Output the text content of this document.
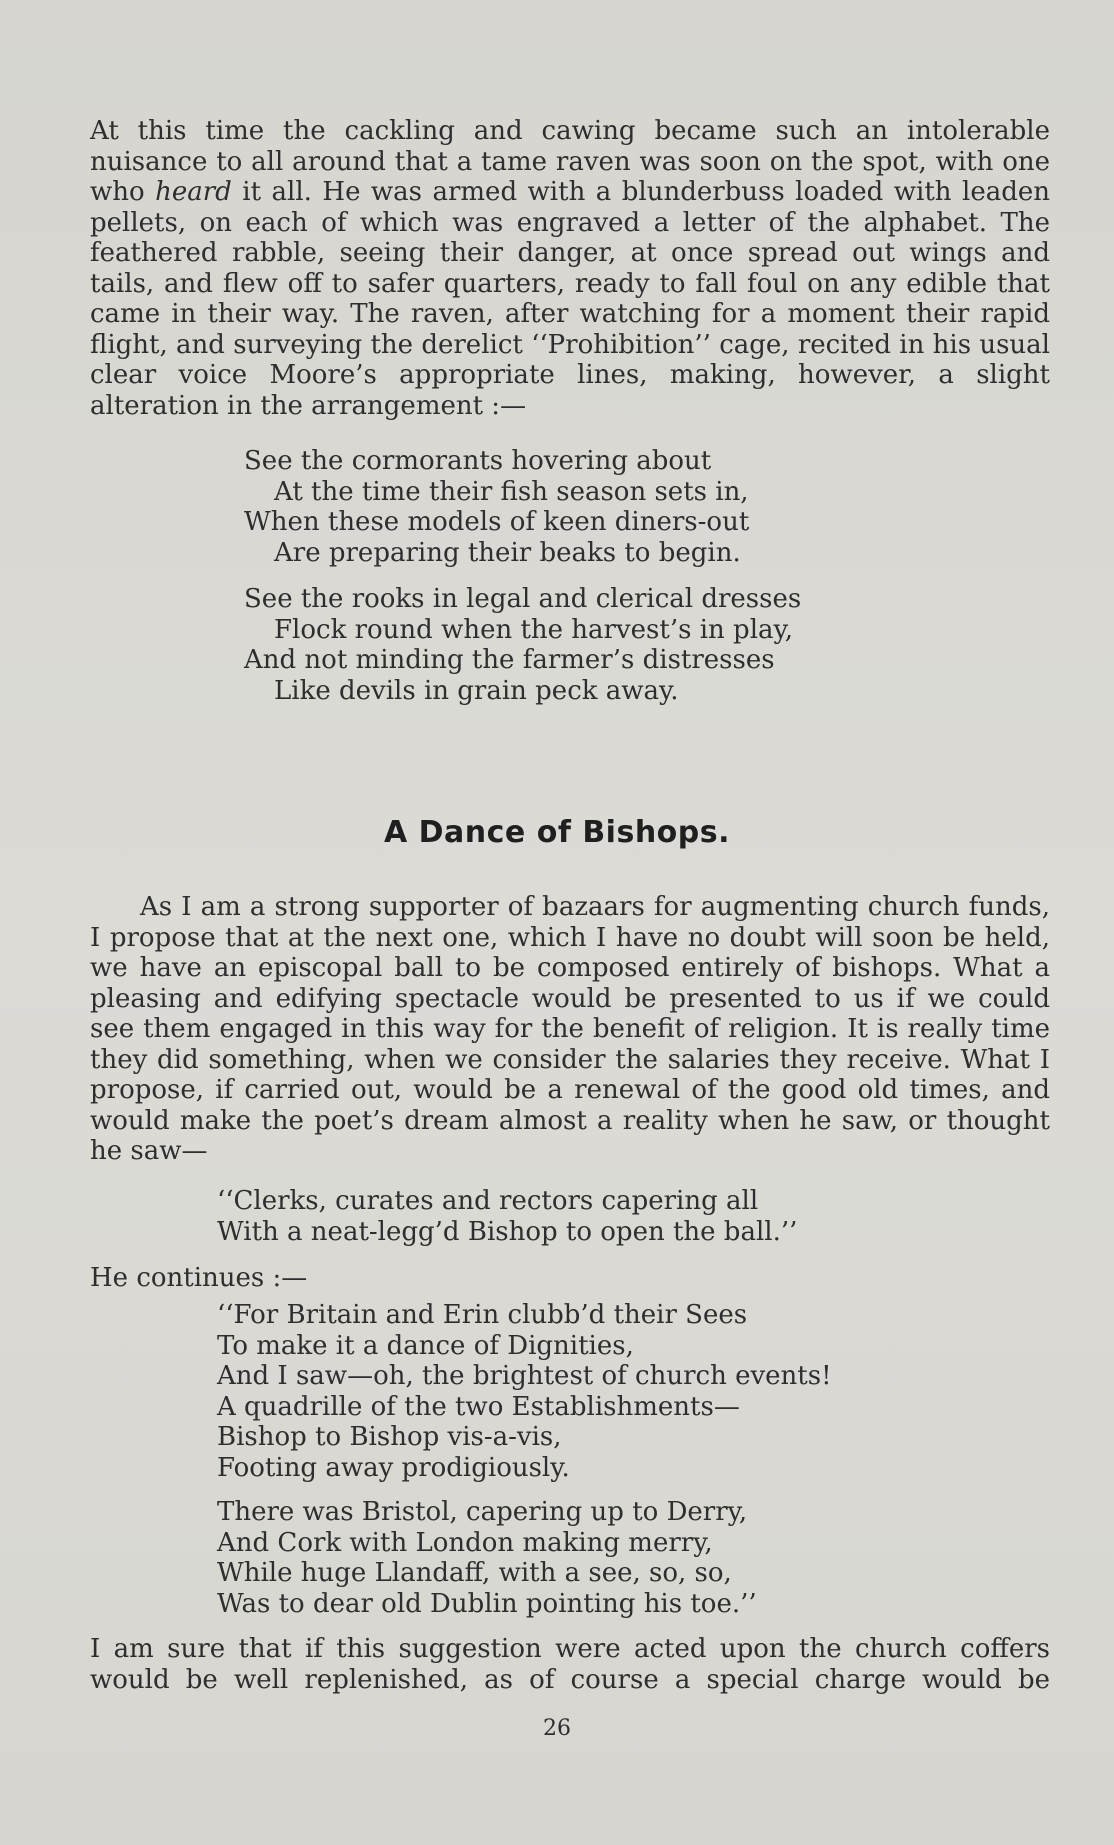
At this time the cackling and cawing became such an intolerable nuisance to all around that a tame raven was soon on the spot, with one who heard it all. He was armed with a blunderbuss loaded with leaden pellets, on each of which was engraved a letter of the alphabet. The feathered rabble, seeing their danger, at once spread out wings and tails, and flew off to safer quarters, ready to fall foul on any edible that came in their way. The raven, after watching for a moment their rapid flight, and surveying the derelict ‘‘Prohibition’’ cage, recited in his usual clear voice Moore’s appropriate lines, making, however, a slight alteration in the arrangement :—

See the cormorants hovering about
At the time their fish season sets in,
When these models of keen diners-out
Are preparing their beaks to begin.
See the rooks in legal and clerical dresses
Flock round when the harvest’s in play,
And not minding the farmer’s distresses
Like devils in grain peck away.
A Dance of Bishops.

As I am a strong supporter of bazaars for augmenting church funds, I propose that at the next one, which I have no doubt will soon be held, we have an episcopal ball to be composed entirely of bishops. What a pleasing and edifying spectacle would be presented to us if we could see them engaged in this way for the benefit of religion. It is really time they did something, when we consider the salaries they receive. What I propose, if carried out, would be a renewal of the good old times, and would make the poet’s dream almost a reality when he saw, or thought he saw—

‘‘Clerks, curates and rectors capering all
With a neat-legg’d Bishop to open the ball.’’

He continues :—

‘‘For Britain and Erin clubb’d their Sees
To make it a dance of Dignities,
And I saw—oh, the brightest of church events!
A quadrille of the two Establishments—
Bishop to Bishop vis-a-vis,
Footing away prodigiously.
There was Bristol, capering up to Derry,
And Cork with London making merry,
While huge Llandaff, with a see, so, so,
Was to dear old Dublin pointing his toe.’’

I am sure that if this suggestion were acted upon the church coffers would be well replenished, as of course a special charge would be

26
